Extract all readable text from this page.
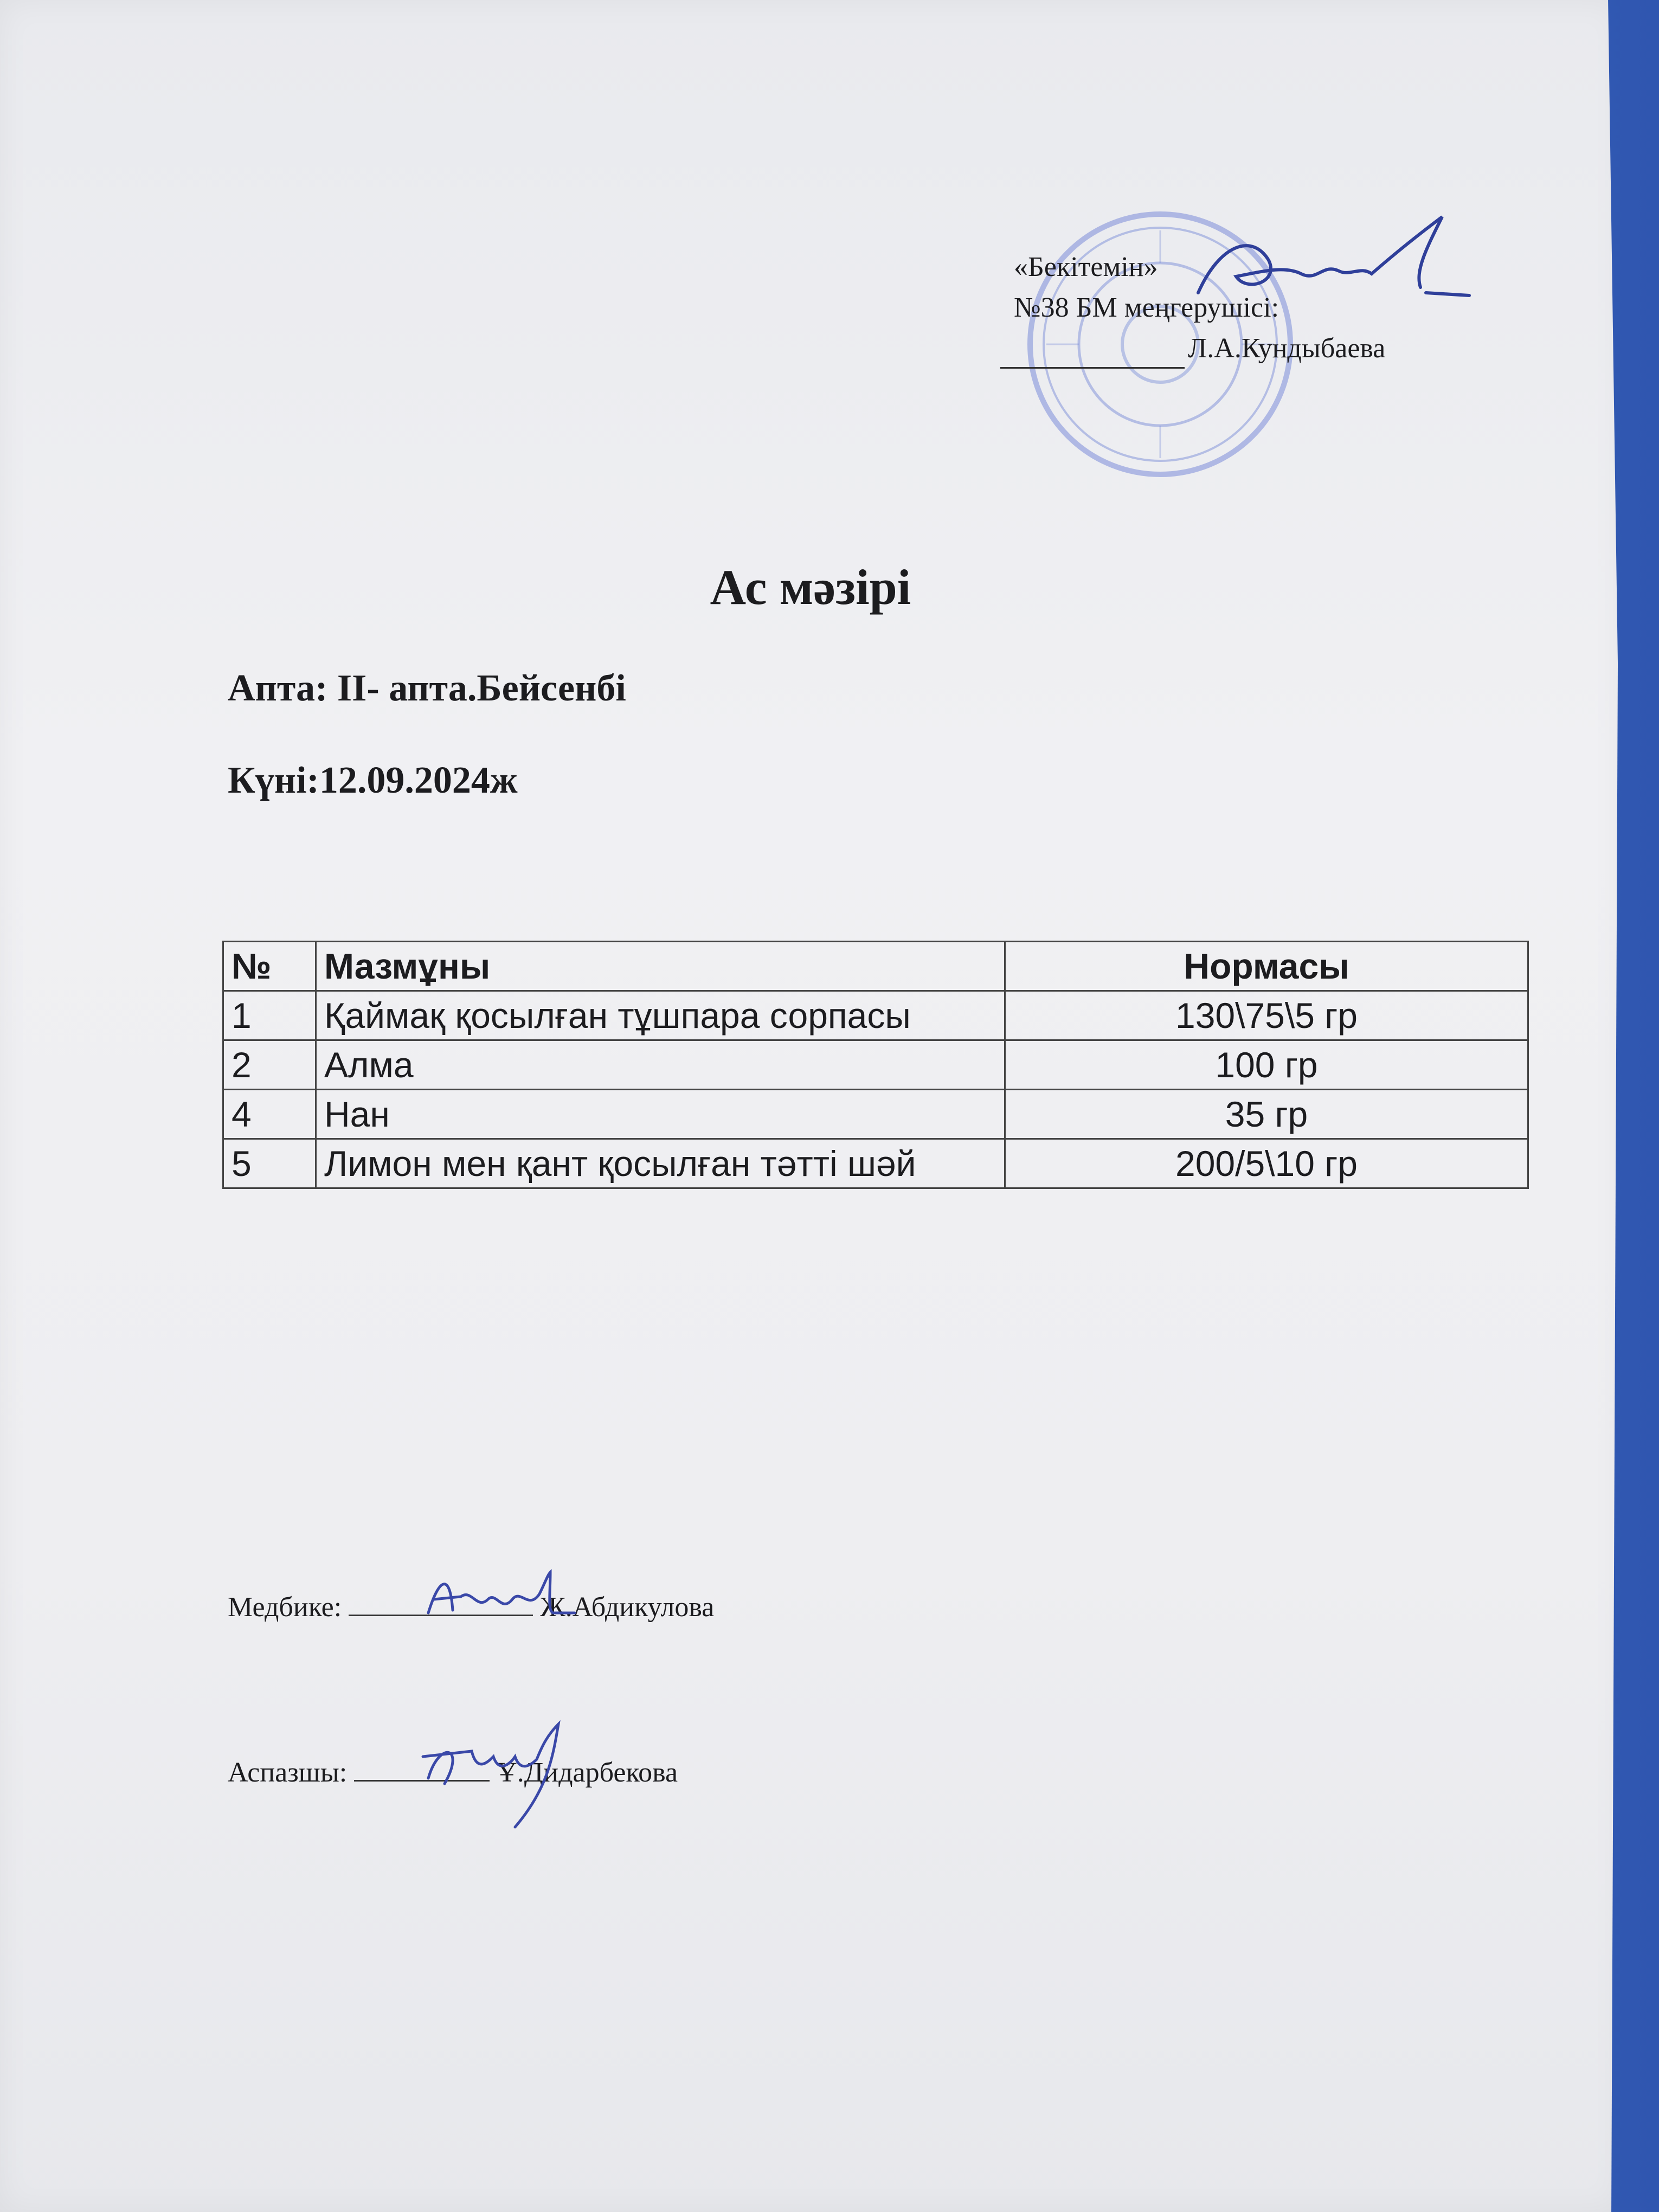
«Бекітемін»
№38 БМ меңгерушісі:
Л.А.Кундыбаева
Ас мәзірі
Апта: II- апта.Бейсенбі
Күні:12.09.2024ж
№	Мазмұны	Нормасы
1	Қаймақ қосылған тұшпара сорпасы	130\75\5 гр
2	Алма	100 гр
4	Нан	35 гр
5	Лимон мен қант қосылған тәтті шәй	200/5\10 гр
Медбике:	Ж.Абдикулова
Аспазшы:	Ұ.Дидарбекова
